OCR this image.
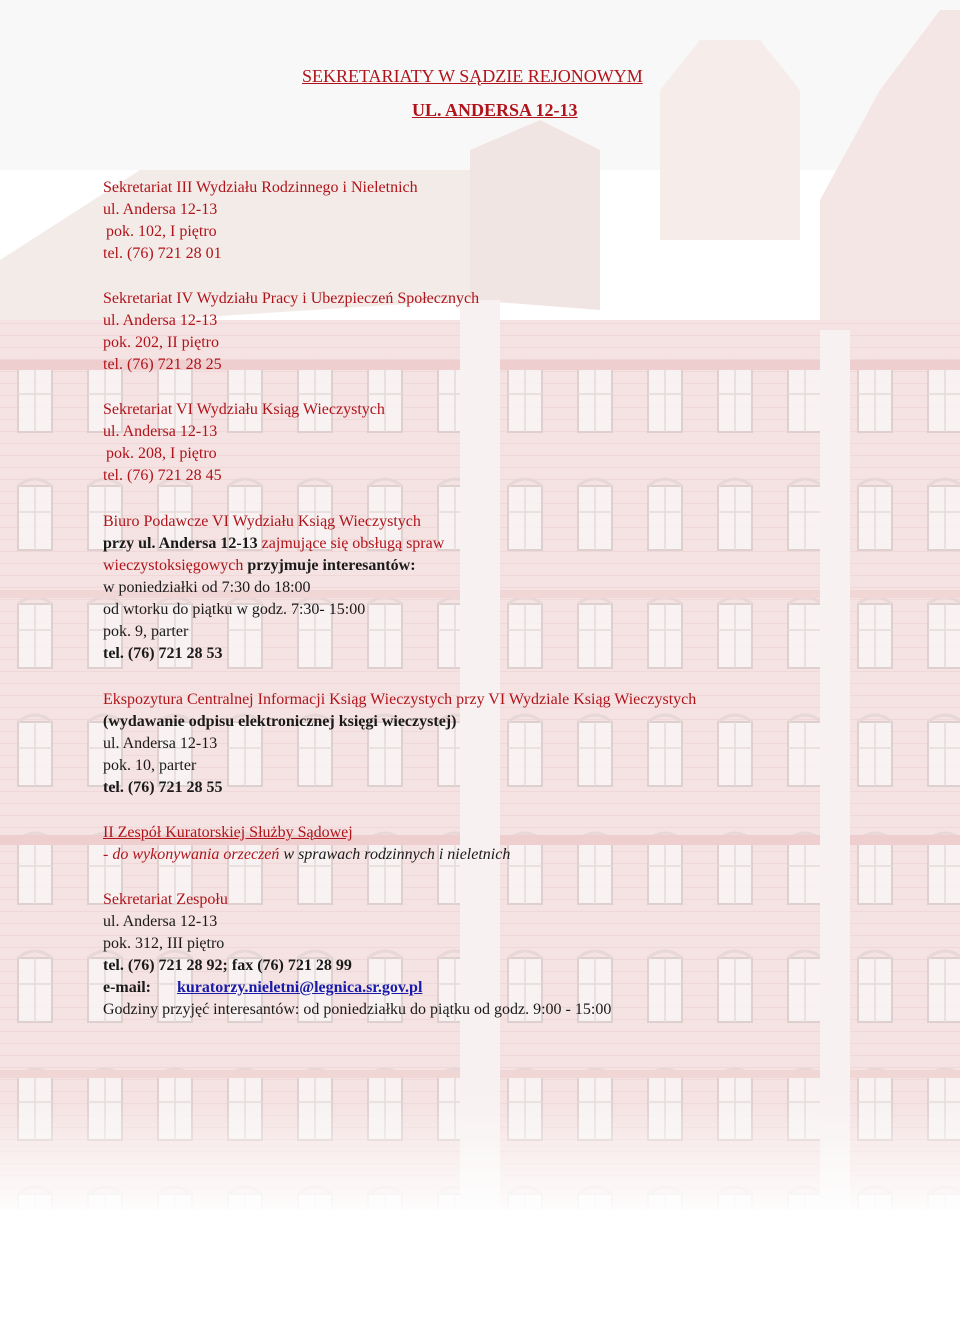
SEKRETARIATY W SĄDZIE REJONOWYM
UL. ANDERSA 12-13
Sekretariat III Wydziału Rodzinnego i Nieletnich
ul. Andersa 12-13
pok. 102, I piętro
tel. (76) 721 28 01
Sekretariat IV Wydziału Pracy i Ubezpieczeń Społecznych
ul. Andersa 12-13
pok. 202, II piętro
tel. (76) 721 28 25
Sekretariat VI Wydziału Ksiąg Wieczystych
ul. Andersa 12-13
pok. 208, I piętro
tel. (76) 721 28 45
Biuro Podawcze VI Wydziału Ksiąg Wieczystych
przy ul. Andersa 12-13 zajmujące się obsługą spraw
wieczystoksięgowych przyjmuje interesantów:
w poniedziałki od 7:30 do 18:00
od wtorku do piątku w godz. 7:30- 15:00
pok. 9, parter
tel. (76) 721 28 53
Ekspozytura Centralnej Informacji Ksiąg Wieczystych przy VI Wydziale Ksiąg Wieczystych
(wydawanie odpisu elektronicznej księgi wieczystej)
ul. Andersa 12-13
pok. 10, parter
tel. (76) 721 28 55
II Zespół Kuratorskiej Służby Sądowej
- do wykonywania orzeczeń w sprawach rodzinnych i nieletnich
Sekretariat Zespołu
ul. Andersa 12-13
pok. 312, III piętro
tel. (76) 721 28 92; fax (76) 721 28 99
e-mail: kuratorzy.nieletni@legnica.sr.gov.pl
Godziny przyjęć interesantów: od poniedziałku do piątku od godz. 9:00 - 15:00
